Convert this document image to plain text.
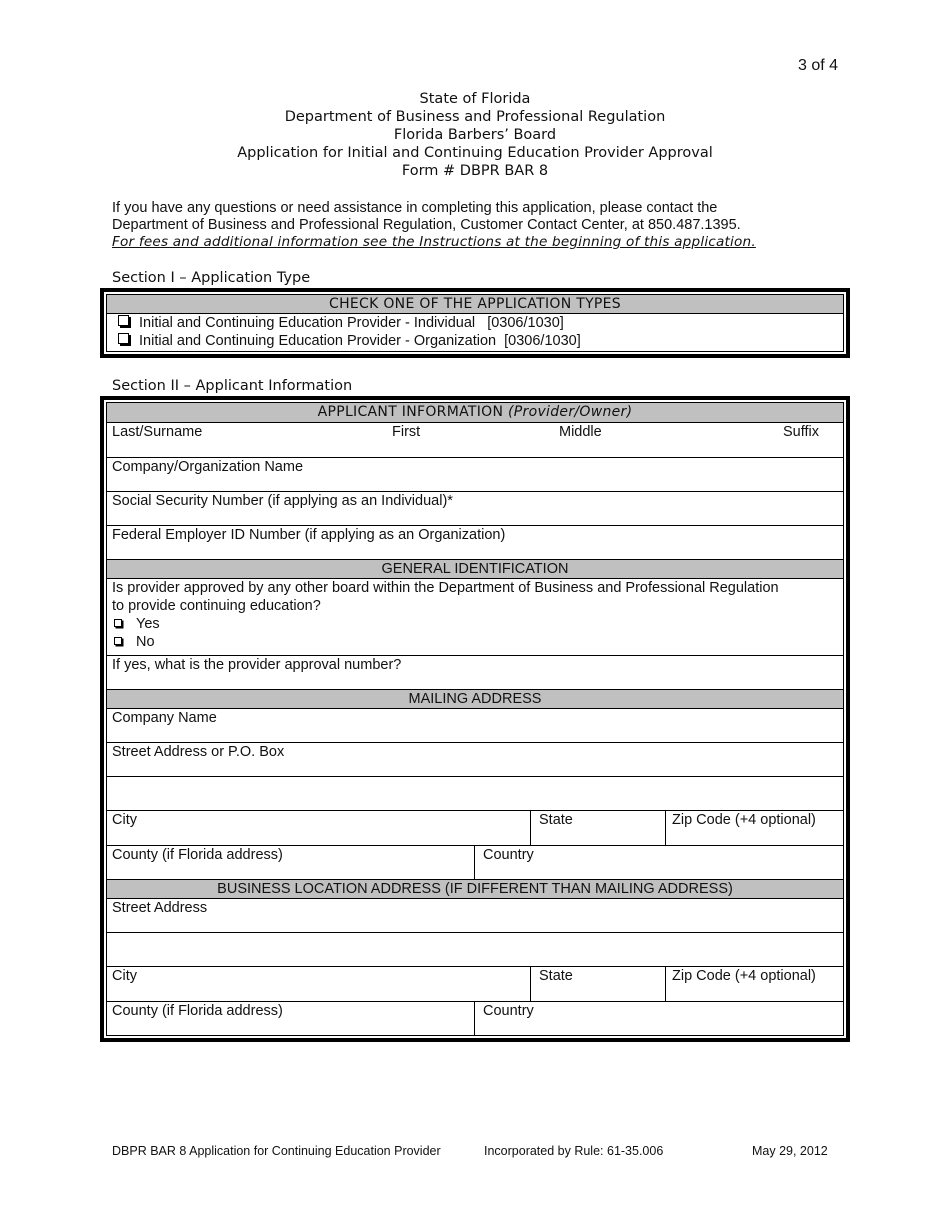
3 of 4
State of Florida
Department of Business and Professional Regulation
Florida Barbers’ Board
Application for Initial and Continuing Education Provider Approval
Form # DBPR BAR 8
If you have any questions or need assistance in completing this application, please contact the
Department of Business and Professional Regulation, Customer Contact Center, at 850.487.1395.
For fees and additional information see the Instructions at the beginning of this application.
Section I – Application Type
CHECK ONE OF THE APPLICATION TYPES
Initial and Continuing Education Provider - Individual   [0306/1030]
Initial and Continuing Education Provider - Organization  [0306/1030]
Section II – Applicant Information
APPLICANT INFORMATION (Provider/Owner)
Last/Surname	First	Middle	Suffix
Company/Organization Name
Social Security Number (if applying as an Individual)*
Federal Employer ID Number (if applying as an Organization)
GENERAL IDENTIFICATION
Is provider approved by any other board within the Department of Business and Professional Regulation
to provide continuing education?
Yes
No
If yes, what is the provider approval number?
MAILING ADDRESS
Company Name
Street Address or P.O. Box
City	State	Zip Code (+4 optional)
County (if Florida address)	Country
BUSINESS LOCATION ADDRESS (IF DIFFERENT THAN MAILING ADDRESS)
Street Address
City	State	Zip Code (+4 optional)
County (if Florida address)	Country
DBPR BAR 8 Application for Continuing Education Provider	Incorporated by Rule: 61-35.006	May 29, 2012
